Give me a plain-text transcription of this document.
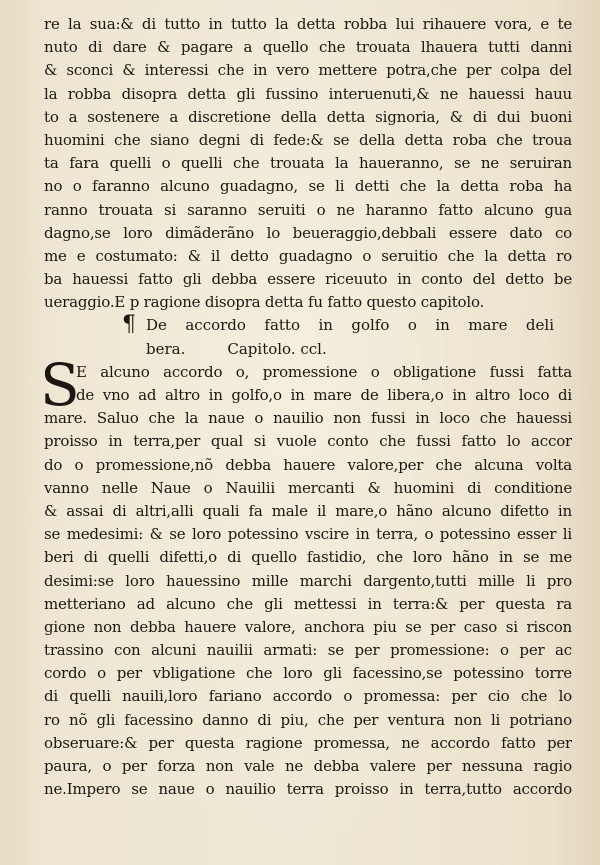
re la sua:& di tutto in tutto la detta robba lui rihauere vora, e te
nuto di dare & pagare a quello che trouata lhauera tutti danni
& sconci & interessi che in vero mettere potra,che per colpa del
la robba disopra detta gli fussino interuenuti,& ne hauessi hauu
to a sostenere a discretione della detta signoria, & di dui buoni
huomini che siano degni di fede:& se della detta roba che troua
ta fara quelli o quelli che trouata la haueranno, se ne seruiran
no o faranno alcuno guadagno, se li detti che la detta roba ha
ranno trouata si saranno seruiti o ne haranno fatto alcuno gua
dagno,se loro dimãderãno lo beueraggio,debbali essere dato co
me e costumato: & il detto guadagno o seruitio che la detta ro
ba hauessi fatto gli debba essere riceuuto in conto del detto be
ueraggio.E p ragione disopra detta fu fatto questo capitolo.
¶ De accordo fatto in golfo o in mare deli
bera.	Capitolo. ccl.
S
E alcuno accordo o, promessione o obligatione fussi fatta
de vno ad altro in golfo,o in mare de libera,o in altro loco di
mare. Saluo che la naue o nauilio non fussi in loco che hauessi
proisso in terra,per qual si vuole conto che fussi fatto lo accor
do o promessione,nõ debba hauere valore,per che alcuna volta
vanno nelle Naue o Nauilii mercanti & huomini di conditione
& assai di altri,alli quali fa male il mare,o hãno alcuno difetto in
se medesimi: & se loro potessino vscire in terra, o potessino esser li
beri di quelli difetti,o di quello fastidio, che loro hãno in se me
desimi:se loro hauessino mille marchi dargento,tutti mille li pro
metteriano ad alcuno che gli mettessi in terra:& per questa ra
gione non debba hauere valore, anchora piu se per caso si riscon
trassino con alcuni nauilii armati: se per promessione: o per ac
cordo o per vbligatione che loro gli facessino,se potessino torre
di quelli nauili,loro fariano accordo o promessa: per cio che lo
ro nõ gli facessino danno di piu, che per ventura non li potriano
obseruare:& per questa ragione promessa, ne accordo fatto per
paura, o per forza non vale ne debba valere per nessuna ragio
ne.Impero se naue o nauilio terra proisso in terra,tutto accordo
